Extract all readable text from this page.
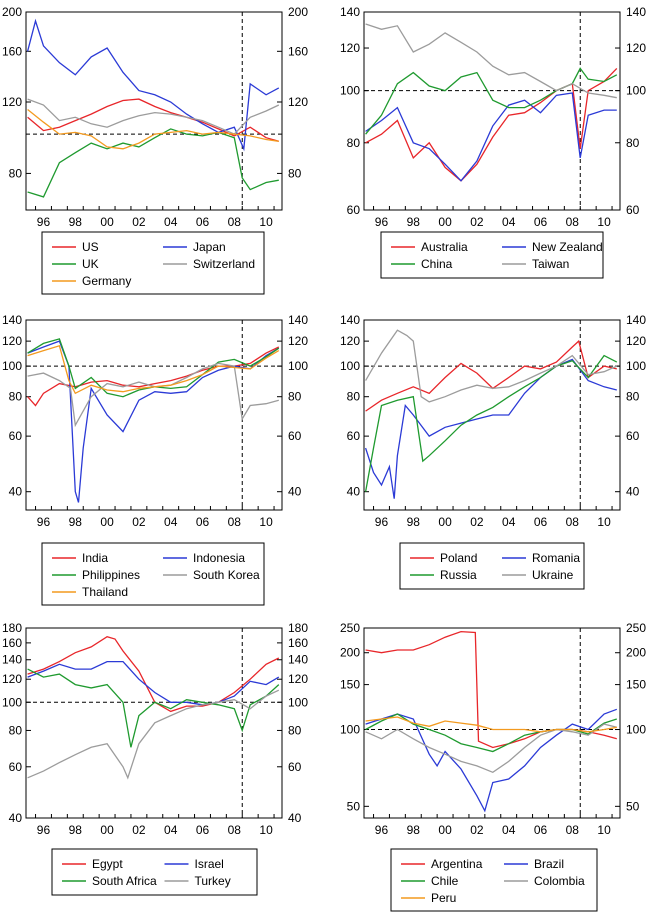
80	80
120	120
160	160
200	200
96 98 00 02 04 06 08 10
US	Japan
UK	Switzerland
Germany
60	60
80	80
100	100
120	120
140	140
96 98 00 02 04 06 08 10
Australia	New Zealand
China	Taiwan
40	40
60	60
80	80
100	100
120	120
140	140
96 98 00 02 04 06 08 10
India	Indonesia
Philippines	South Korea
Thailand
40	40
60	60
80	80
100	100
120	120
140	140
96 98 00 02 04 06 08 10
Poland	Romania
Russia	Ukraine
40	40
60	60
80	80
100	100
120	120
140	140
160	160
180	180
96 98 00 02 04 06 08 10
Egypt	Israel
South Africa	Turkey
50	50
100	100
150	150
200	200
250	250
96 98 00 02 04 06 08 10
Argentina	Brazil
Chile	Colombia
Peru
